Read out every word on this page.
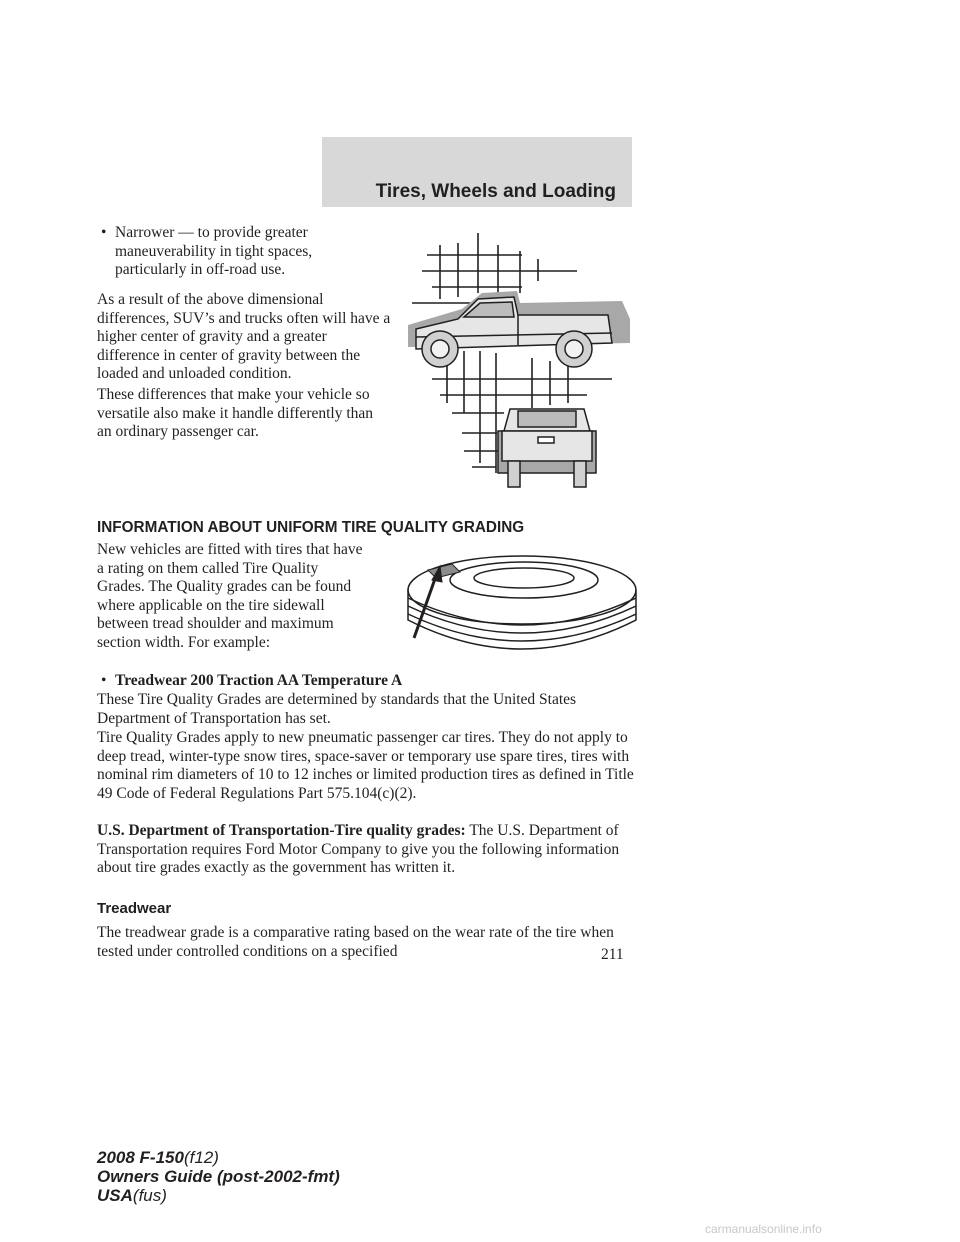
Tires, Wheels and Loading
• Narrower — to provide greater maneuverability in tight spaces, particularly in off-road use.

As a result of the above dimensional differences, SUV’s and trucks often will have a higher center of gravity and a greater difference in center of gravity between the loaded and unloaded condition.

These differences that make your vehicle so versatile also make it handle differently than an ordinary passenger car.

INFORMATION ABOUT UNIFORM TIRE QUALITY GRADING

New vehicles are fitted with tires that have a rating on them called Tire Quality Grades. The Quality grades can be found where applicable on the tire sidewall between tread shoulder and maximum section width. For example:

• Treadwear 200 Traction AA Temperature A

These Tire Quality Grades are determined by standards that the United States Department of Transportation has set.

Tire Quality Grades apply to new pneumatic passenger car tires. They do not apply to deep tread, winter-type snow tires, space-saver or temporary use spare tires, tires with nominal rim diameters of 10 to 12 inches or limited production tires as defined in Title 49 Code of Federal Regulations Part 575.104(c)(2).

U.S. Department of Transportation-Tire quality grades: The U.S. Department of Transportation requires Ford Motor Company to give you the following information about tire grades exactly as the government has written it.

Treadwear

The treadwear grade is a comparative rating based on the wear rate of the tire when tested under controlled conditions on a specified	211
2008 F-150(f12)
Owners Guide (post-2002-fmt)
USA(fus)
carmanualsonline.info
